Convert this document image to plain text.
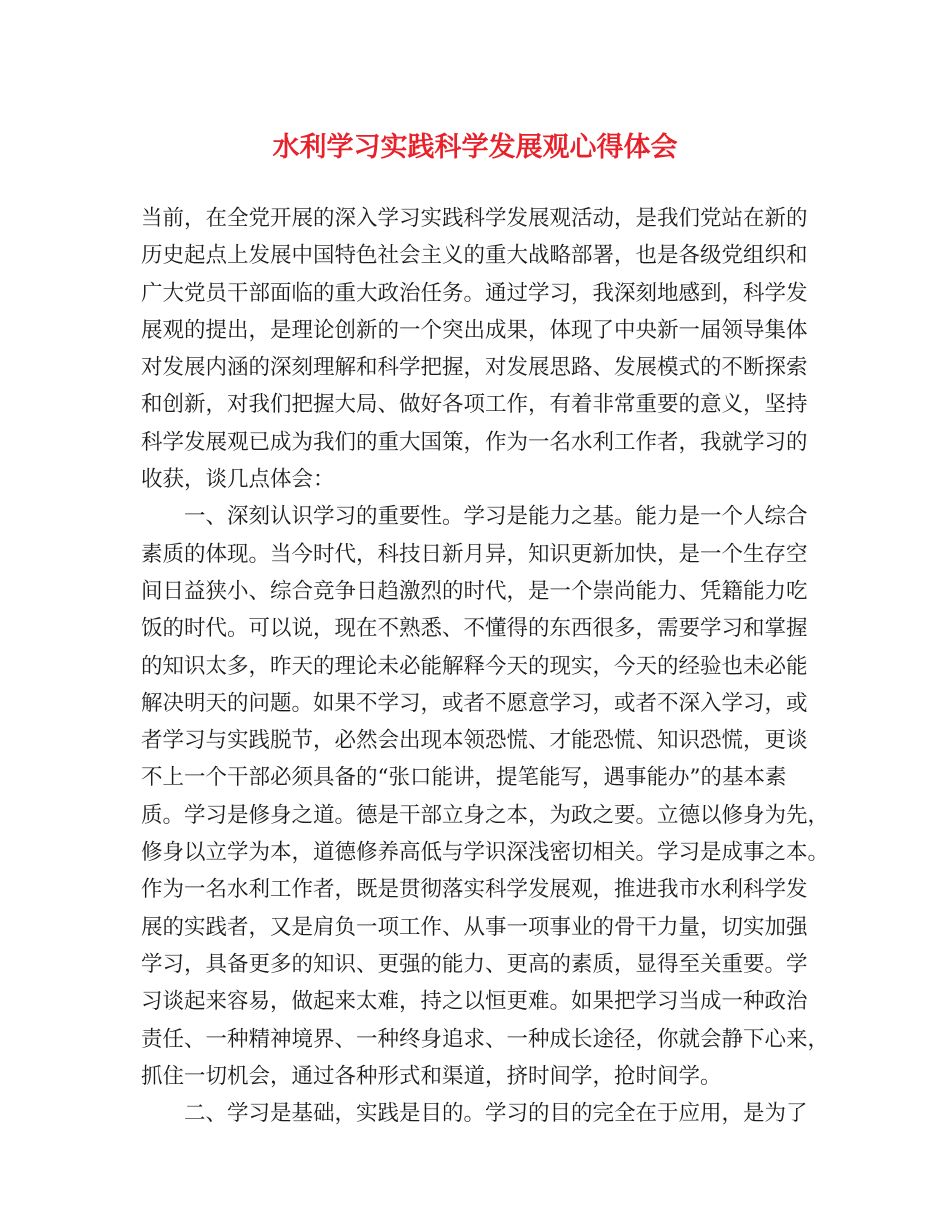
水利学习实践科学发展观心得体会
当前，在全党开展的深入学习实践科学发展观活动，是我们党站在新的
历史起点上发展中国特色社会主义的重大战略部署，也是各级党组织和
广大党员干部面临的重大政治任务。通过学习，我深刻地感到，科学发
展观的提出，是理论创新的一个突出成果，体现了中央新一届领导集体
对发展内涵的深刻理解和科学把握，对发展思路、发展模式的不断探索
和创新，对我们把握大局、做好各项工作，有着非常重要的意义，坚持
科学发展观已成为我们的重大国策，作为一名水利工作者，我就学习的
收获，谈几点体会：
　　一、深刻认识学习的重要性。学习是能力之基。能力是一个人综合
素质的体现。当今时代，科技日新月异，知识更新加快，是一个生存空
间日益狭小、综合竞争日趋激烈的时代，是一个崇尚能力、凭籍能力吃
饭的时代。可以说，现在不熟悉、不懂得的东西很多，需要学习和掌握
的知识太多，昨天的理论未必能解释今天的现实，今天的经验也未必能
解决明天的问题。如果不学习，或者不愿意学习，或者不深入学习，或
者学习与实践脱节，必然会出现本领恐慌、才能恐慌、知识恐慌，更谈
不上一个干部必须具备的“张口能讲，提笔能写，遇事能办”的基本素
质。学习是修身之道。德是干部立身之本，为政之要。立德以修身为先，
修身以立学为本，道德修养高低与学识深浅密切相关。学习是成事之本。
作为一名水利工作者，既是贯彻落实科学发展观，推进我市水利科学发
展的实践者，又是肩负一项工作、从事一项事业的骨干力量，切实加强
学习，具备更多的知识、更强的能力、更高的素质，显得至关重要。学
习谈起来容易，做起来太难，持之以恒更难。如果把学习当成一种政治
责任、一种精神境界、一种终身追求、一种成长途径，你就会静下心来，
抓住一切机会，通过各种形式和渠道，挤时间学，抢时间学。
　　二、学习是基础，实践是目的。学习的目的完全在于应用，是为了
